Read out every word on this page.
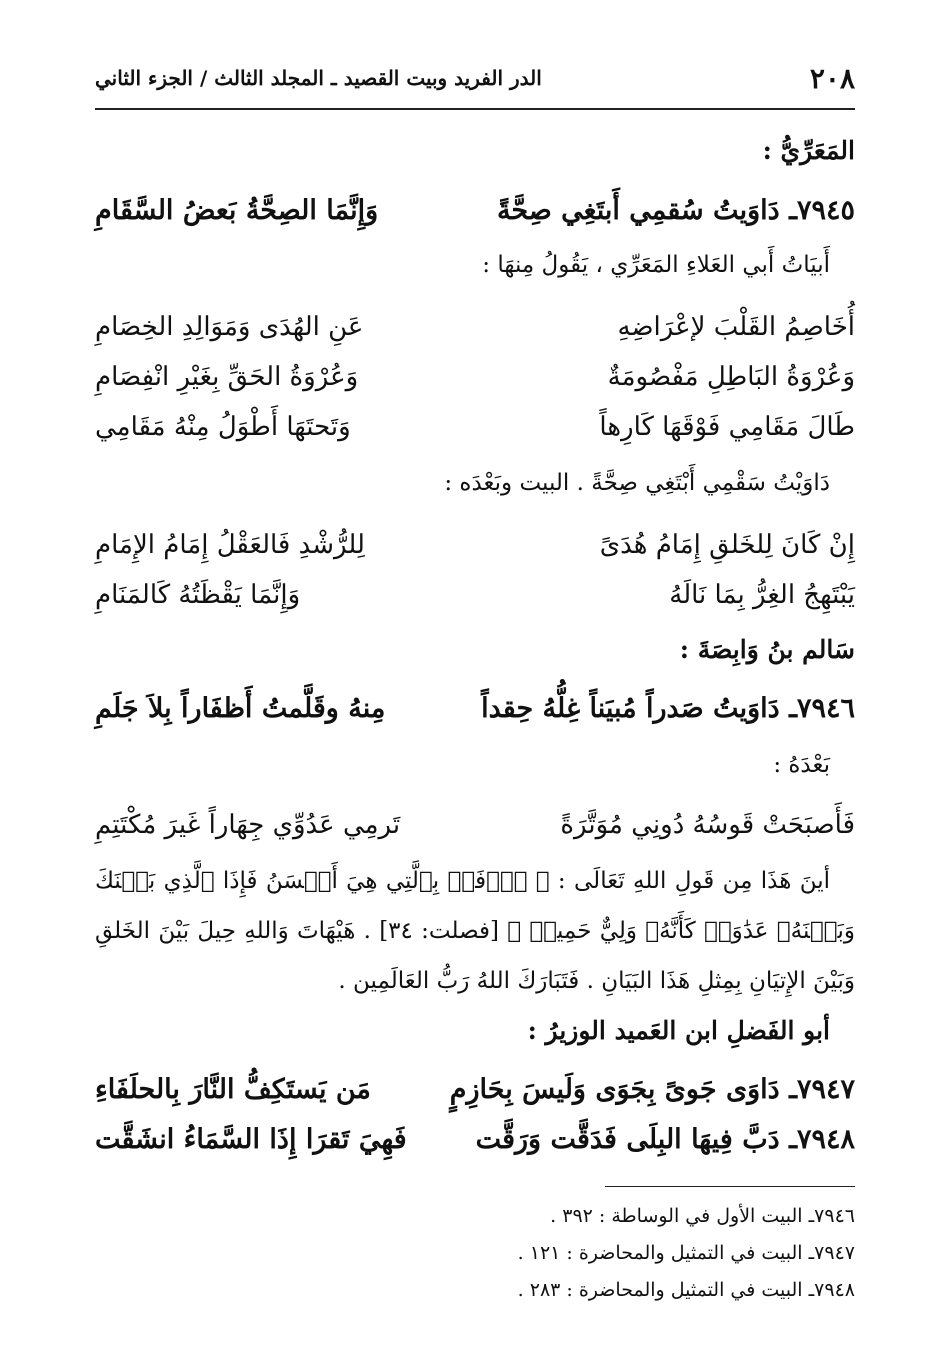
٢٠٨
الدر الفريد وبيت القصيد ـ المجلد الثالث / الجزء الثاني
المَعَرِّيُّ :
٧٩٤٥ـ دَاوَيتُ سُقمِي أَبتَغِي صِحَّةً
وَإِنَّمَا الصِحَّةُ بَعضُ السَّقَامِ
أَبيَاتُ أَبي العَلاءِ المَعَرِّي ، يَقُولُ مِنهَا :
أُخَاصِمُ القَلْبَ لإعْرَاضِهِ
عَنِ الهُدَى وَمَوَالِدِ الخِصَامِ
وَعُرْوَةُ البَاطِلِ مَفْصُومَةٌ
وَعُرْوَةُ الحَقِّ بِغَيْرِ انْفِصَامِ
طَالَ مَقَامِي فَوْقَهَا كَارِهاً
وَتَحتَهَا أَطْوَلُ مِنْهُ مَقَامِي
دَاوَيْتُ سَقْمِي أَبْتَغِي صِحَّةً . البيت وبَعْدَه :
إِنْ كَانَ لِلخَلقِ إِمَامُ هُدَىً
لِلرُّشْدِ فَالعَقْلُ إِمَامُ الإِمَامِ
يَبْتَهِجُ الغِرُّ بِمَا نَالَهُ
وَإِنَّمَا يَقْظَتُهُ كَالمَنَامِ
سَالم بنُ وَابِصَةَ :
٧٩٤٦ـ دَاوَيتُ صَدراً مُبيَناً غِلُّهُ حِقداً
مِنهُ وقَلَّمتُ أَظفَاراً بِلاَ جَلَمِ
بَعْدَهُ :
فَأَصبَحَتْ قَوسُهُ دُونِي مُوَتَّرَةً
تَرمِي عَدُوِّي جِهَاراً غَيرَ مُكْتَتِمِ
أينَ هَذَا مِن قَولِ اللهِ تَعَالَى : ﴿ ٱدۡفَعۡ بِٱلَّتِي هِيَ أَحۡسَنُ فَإِذَا ٱلَّذِي بَيۡنَكَ وَبَيۡنَهُۥ عَدَٰوَةٞ كَأَنَّهُۥ وَلِيٌّ حَمِيمٞ ﴾ [فصلت: ٣٤] . هَيْهَاتَ وَاللهِ حِيلَ بَيْنَ الخَلقِ وَبَيْنَ الإِتيَانِ بِمِثلِ هَذَا البَيَانِ . فَتَبَارَكَ اللهُ رَبُّ العَالَمِين .
أبو الفَضلِ ابن العَميد الوزيرُ :
٧٩٤٧ـ دَاوَى جَوىً بِجَوَى وَلَيسَ بِحَازِمٍ
مَن يَستَكِفُّ النَّارَ بِالحلَفَاءِ
٧٩٤٨ـ دَبَّ فِيهَا البِلَى فَدَقَّت وَرَقَّت
فَهِيَ تَقرَا إِذَا السَّمَاءُ انشَقَّت
٧٩٤٦ـ البيت الأول في الوساطة : ٣٩٢ .
٧٩٤٧ـ البيت في التمثيل والمحاضرة : ١٢١ .
٧٩٤٨ـ البيت في التمثيل والمحاضرة : ٢٨٣ .
